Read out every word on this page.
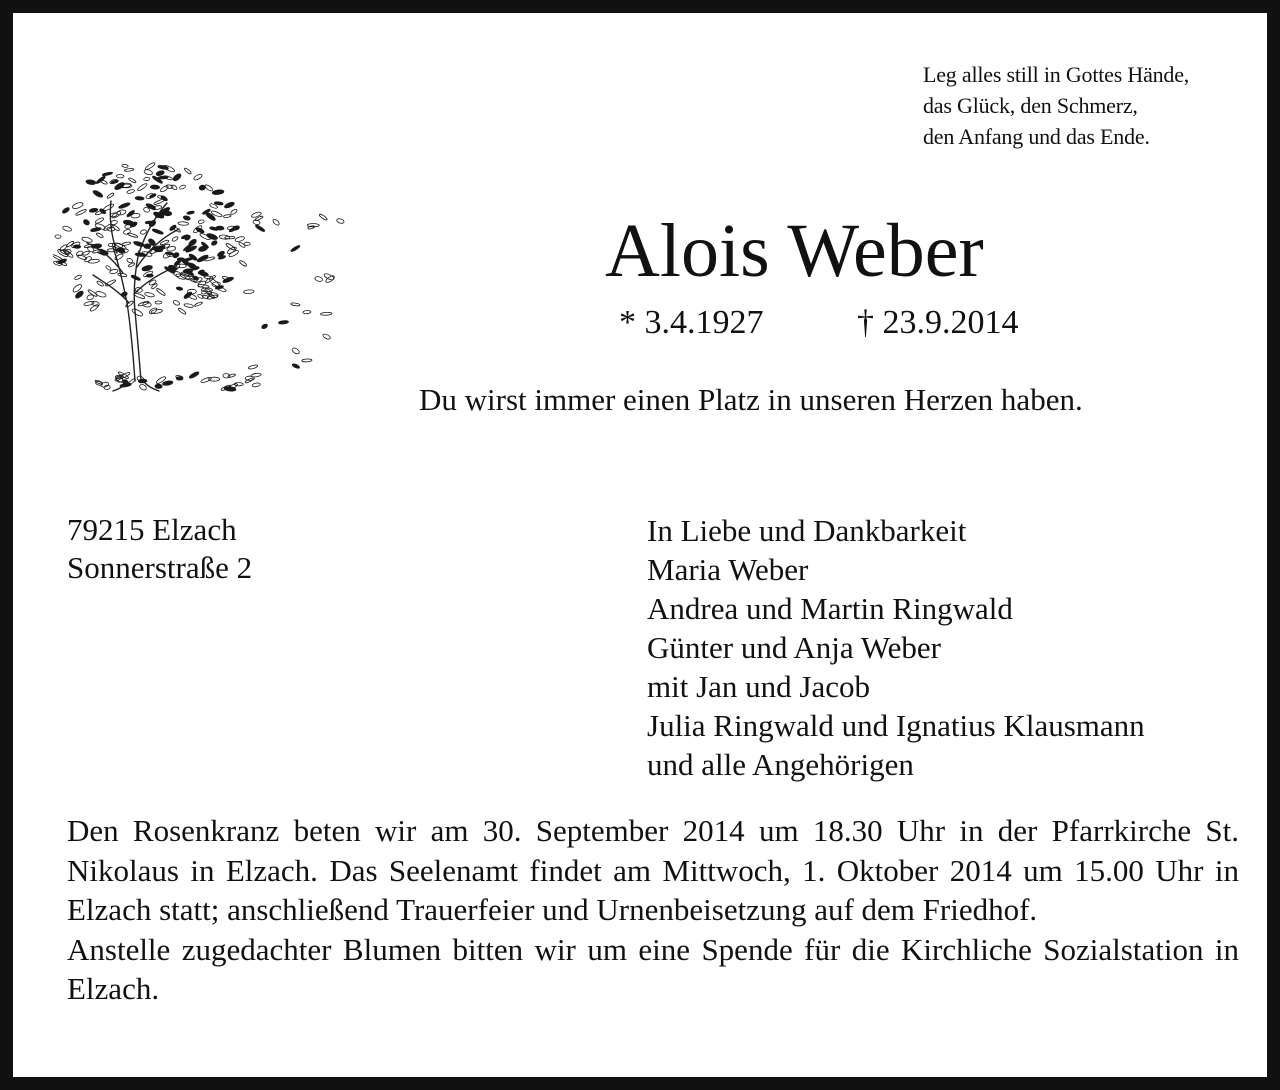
Leg alles still in Gottes Hände,
das Glück, den Schmerz,
den Anfang und das Ende.
Alois Weber
* 3.4.1927	† 23.9.2014
Du wirst immer einen Platz in unseren Herzen haben.
79215 Elzach
Sonnerstraße 2
In Liebe und Dankbarkeit
Maria Weber
Andrea und Martin Ringwald
Günter und Anja Weber
mit Jan und Jacob
Julia Ringwald und Ignatius Klausmann
und alle Angehörigen

Den Rosenkranz beten wir am 30. September 2014 um 18.30 Uhr in der Pfarrkirche St. Nikolaus in Elzach. Das Seelenamt findet am Mittwoch, 1. Oktober 2014 um 15.00 Uhr in Elzach statt; anschließend Trauerfeier und Urnenbeisetzung auf dem Friedhof.

Anstelle zugedachter Blumen bitten wir um eine Spende für die Kirchliche Sozialstation in Elzach.
